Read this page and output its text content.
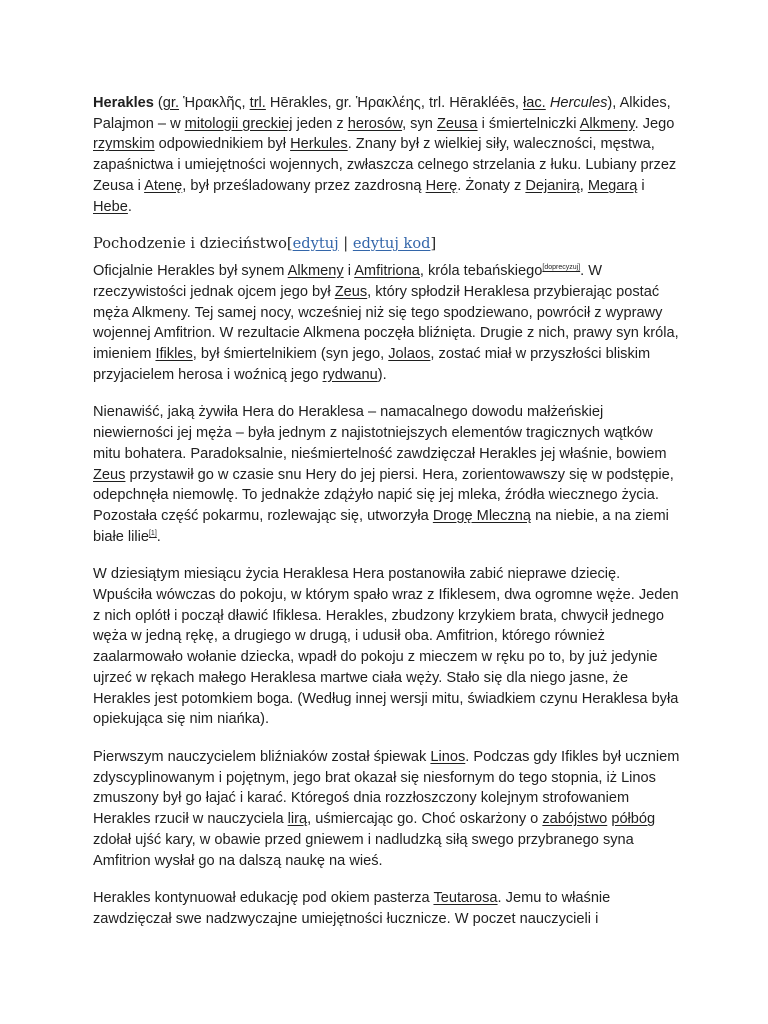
Herakles (gr. Ἡρακλῆς, trl. Hērakles, gr. Ἡρακλέης, trl. Hērakléēs, łac. Hercules), Alkides, Palajmon – w mitologii greckiej jeden z herosów, syn Zeusa i śmiertelniczki Alkmeny. Jego rzymskim odpowiednikiem był Herkules. Znany był z wielkiej siły, waleczności, męstwa, zapaśnictwa i umiejętności wojennych, zwłaszcza celnego strzelania z łuku. Lubiany przez Zeusa i Atenę, był prześladowany przez zazdrosną Herę. Żonaty z Dejanirą, Megarą i Hebe.

Pochodzenie i dzieciństwo[edytuj | edytuj kod]

Oficjalnie Herakles był synem Alkmeny i Amfitriona, króla tebańskiego[doprecyzuj]. W rzeczywistości jednak ojcem jego był Zeus, który spłodził Heraklesa przybierając postać męża Alkmeny. Tej samej nocy, wcześniej niż się tego spodziewano, powrócił z wyprawy wojennej Amfitrion. W rezultacie Alkmena poczęła bliźnięta. Drugie z nich, prawy syn króla, imieniem Ifikles, był śmiertelnikiem (syn jego, Jolaos, zostać miał w przyszłości bliskim przyjacielem herosa i woźnicą jego rydwanu).

Nienawiść, jaką żywiła Hera do Heraklesa – namacalnego dowodu małżeńskiej niewierności jej męża – była jednym z najistotniejszych elementów tragicznych wątków mitu bohatera. Paradoksalnie, nieśmiertelność zawdzięczał Herakles jej właśnie, bowiem Zeus przystawił go w czasie snu Hery do jej piersi. Hera, zorientowawszy się w podstępie, odepchnęła niemowlę. To jednakże zdążyło napić się jej mleka, źródła wiecznego życia. Pozostała część pokarmu, rozlewając się, utworzyła Drogę Mleczną na niebie, a na ziemi białe lilie[1].

W dziesiątym miesiącu życia Heraklesa Hera postanowiła zabić nieprawe dziecię. Wpuściła wówczas do pokoju, w którym spało wraz z Ifiklesem, dwa ogromne węże. Jeden z nich oplótł i począł dławić Ifiklesa. Herakles, zbudzony krzykiem brata, chwycił jednego węża w jedną rękę, a drugiego w drugą, i udusił oba. Amfitrion, którego również zaalarmowało wołanie dziecka, wpadł do pokoju z mieczem w ręku po to, by już jedynie ujrzeć w rękach małego Heraklesa martwe ciała węży. Stało się dla niego jasne, że Herakles jest potomkiem boga. (Według innej wersji mitu, świadkiem czynu Heraklesa była opiekująca się nim niańka).

Pierwszym nauczycielem bliźniaków został śpiewak Linos. Podczas gdy Ifikles był uczniem zdyscyplinowanym i pojętnym, jego brat okazał się niesfornym do tego stopnia, iż Linos zmuszony był go łajać i karać. Któregoś dnia rozzłoszczony kolejnym strofowaniem Herakles rzucił w nauczyciela lirą, uśmiercając go. Choć oskarżony o zabójstwo półbóg zdołał ujść kary, w obawie przed gniewem i nadludzką siłą swego przybranego syna Amfitrion wysłał go na dalszą naukę na wieś.

Herakles kontynuował edukację pod okiem pasterza Teutarosa. Jemu to właśnie zawdzięczał swe nadzwyczajne umiejętności łucznicze. W poczet nauczycieli i
